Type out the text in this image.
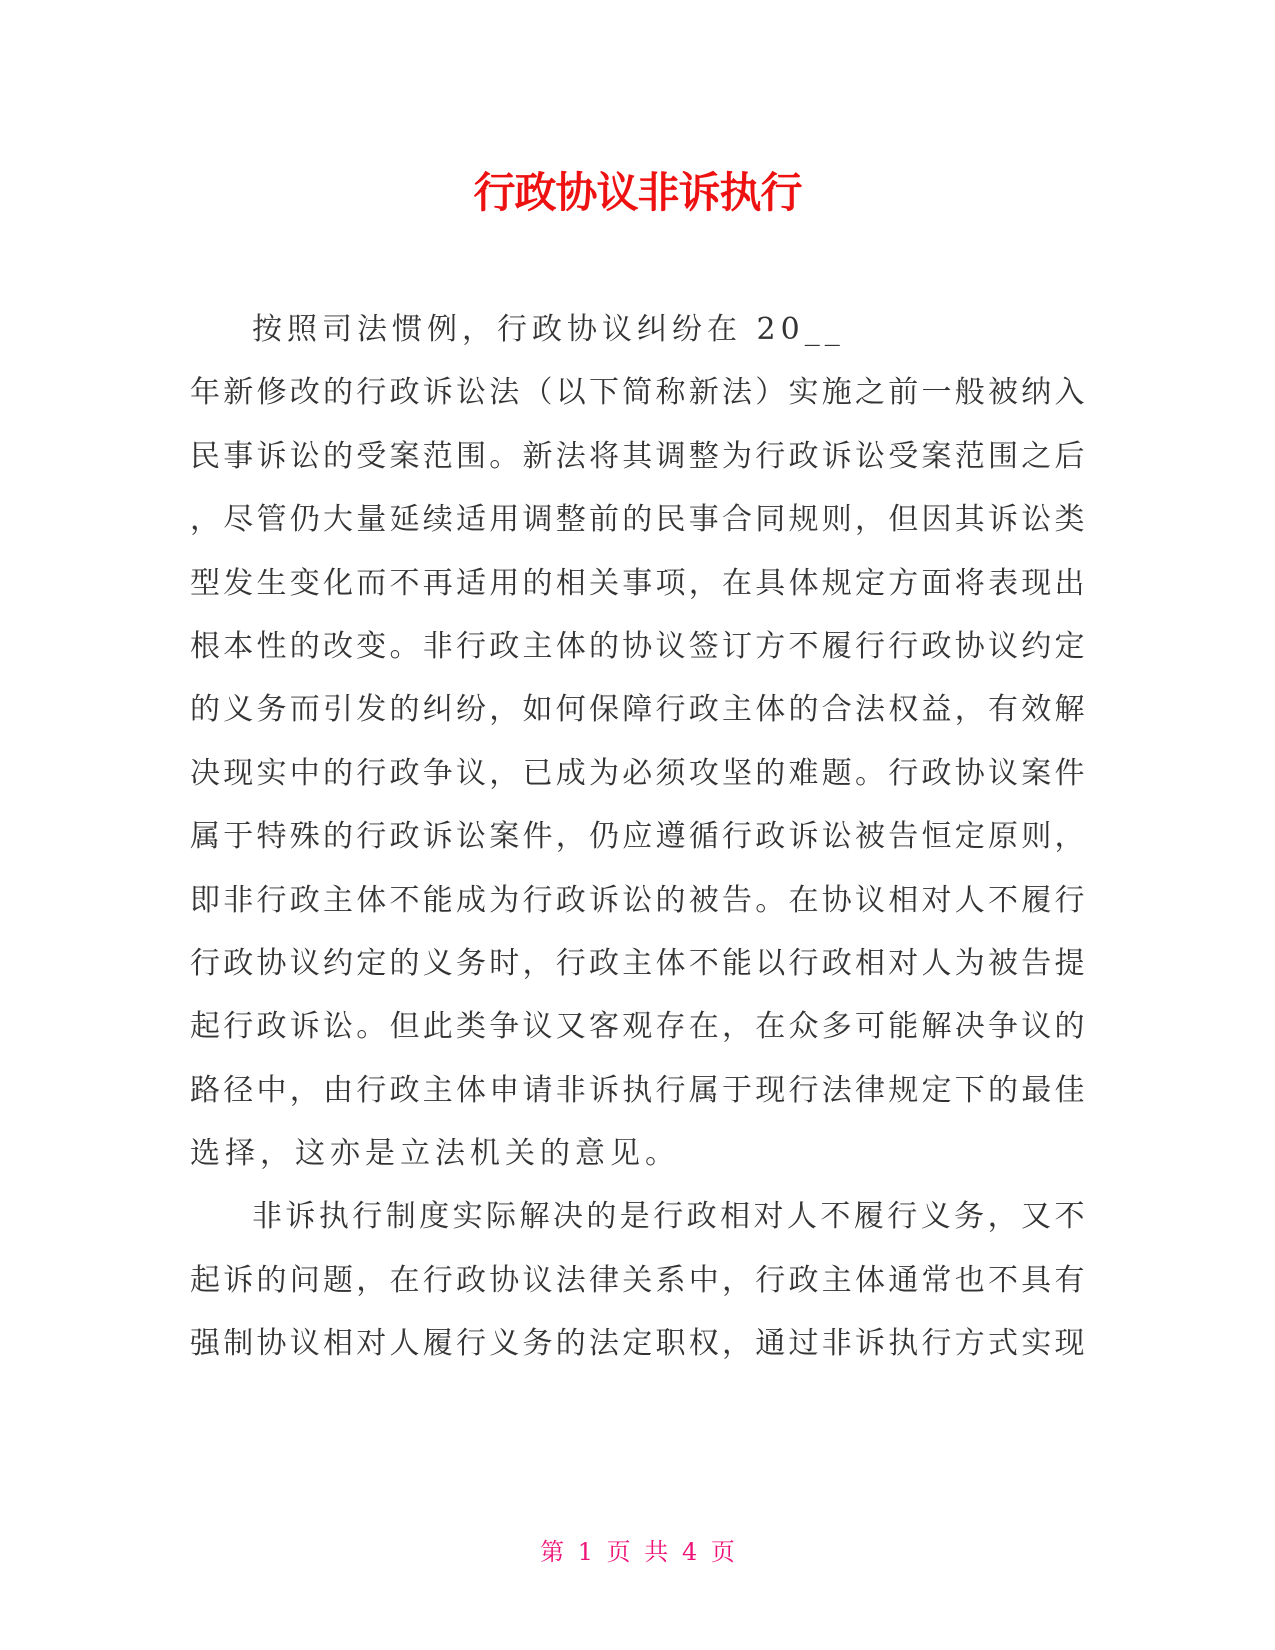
行政协议非诉执行
按照司法惯例，行政协议纠纷在 20__
年新修改的行政诉讼法（以下简称新法）实施之前一般被纳入
民事诉讼的受案范围。新法将其调整为行政诉讼受案范围之后
，尽管仍大量延续适用调整前的民事合同规则，但因其诉讼类
型发生变化而不再适用的相关事项，在具体规定方面将表现出
根本性的改变。非行政主体的协议签订方不履行行政协议约定
的义务而引发的纠纷，如何保障行政主体的合法权益，有效解
决现实中的行政争议，已成为必须攻坚的难题。行政协议案件
属于特殊的行政诉讼案件，仍应遵循行政诉讼被告恒定原则，
即非行政主体不能成为行政诉讼的被告。在协议相对人不履行
行政协议约定的义务时，行政主体不能以行政相对人为被告提
起行政诉讼。但此类争议又客观存在，在众多可能解决争议的
路径中，由行政主体申请非诉执行属于现行法律规定下的最佳
选择，这亦是立法机关的意见。
非诉执行制度实际解决的是行政相对人不履行义务，又不
起诉的问题，在行政协议法律关系中，行政主体通常也不具有
强制协议相对人履行义务的法定职权，通过非诉执行方式实现
第 1 页 共 4 页
